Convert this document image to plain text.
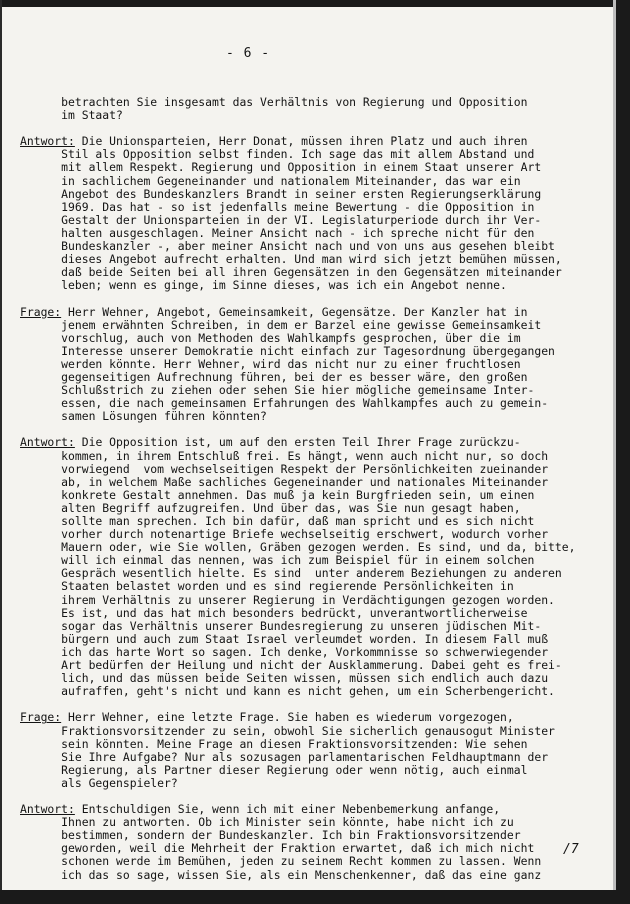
- 6 -
betrachten Sie insgesamt das Verhältnis von Regierung und Opposition
im Staat?
Antwort: Die Unionsparteien, Herr Donat, müssen ihren Platz und auch ihren
Stil als Opposition selbst finden. Ich sage das mit allem Abstand und
mit allem Respekt. Regierung und Opposition in einem Staat unserer Art
in sachlichem Gegeneinander und nationalem Miteinander, das war ein
Angebot des Bundeskanzlers Brandt in seiner ersten Regierungserklärung
1969. Das hat - so ist jedenfalls meine Bewertung - die Opposition in
Gestalt der Unionsparteien in der VI. Legislaturperiode durch ihr Ver-
halten ausgeschlagen. Meiner Ansicht nach - ich spreche nicht für den
Bundeskanzler -, aber meiner Ansicht nach und von uns aus gesehen bleibt
dieses Angebot aufrecht erhalten. Und man wird sich jetzt bemühen müssen,
daß beide Seiten bei all ihren Gegensätzen in den Gegensätzen miteinander
leben; wenn es ginge, im Sinne dieses, was ich ein Angebot nenne.
Frage: Herr Wehner, Angebot, Gemeinsamkeit, Gegensätze. Der Kanzler hat in
jenem erwähnten Schreiben, in dem er Barzel eine gewisse Gemeinsamkeit
vorschlug, auch von Methoden des Wahlkampfs gesprochen, über die im
Interesse unserer Demokratie nicht einfach zur Tagesordnung übergegangen
werden könnte. Herr Wehner, wird das nicht nur zu einer fruchtlosen
gegenseitigen Aufrechnung führen, bei der es besser wäre, den großen
Schlußstrich zu ziehen oder sehen Sie hier mögliche gemeinsame Inter-
essen, die nach gemeinsamen Erfahrungen des Wahlkampfes auch zu gemein-
samen Lösungen führen könnten?
Antwort: Die Opposition ist, um auf den ersten Teil Ihrer Frage zurückzu-
kommen, in ihrem Entschluß frei. Es hängt, wenn auch nicht nur, so doch
vorwiegend  vom wechselseitigen Respekt der Persönlichkeiten zueinander
ab, in welchem Maße sachliches Gegeneinander und nationales Miteinander
konkrete Gestalt annehmen. Das muß ja kein Burgfrieden sein, um einen
alten Begriff aufzugreifen. Und über das, was Sie nun gesagt haben,
sollte man sprechen. Ich bin dafür, daß man spricht und es sich nicht
vorher durch notenartige Briefe wechselseitig erschwert, wodurch vorher
Mauern oder, wie Sie wollen, Gräben gezogen werden. Es sind, und da, bitte,
will ich einmal das nennen, was ich zum Beispiel für in einem solchen
Gespräch wesentlich hielte. Es sind  unter anderem Beziehungen zu anderen
Staaten belastet worden und es sind regierende Persönlichkeiten in
ihrem Verhältnis zu unserer Regierung in Verdächtigungen gezogen worden.
Es ist, und das hat mich besonders bedrückt, unverantwortlicherweise
sogar das Verhältnis unserer Bundesregierung zu unseren jüdischen Mit-
bürgern und auch zum Staat Israel verleumdet worden. In diesem Fall muß
ich das harte Wort so sagen. Ich denke, Vorkommnisse so schwerwiegender
Art bedürfen der Heilung und nicht der Ausklammerung. Dabei geht es frei-
lich, und das müssen beide Seiten wissen, müssen sich endlich auch dazu
aufraffen, geht's nicht und kann es nicht gehen, um ein Scherbengericht.
Frage: Herr Wehner, eine letzte Frage. Sie haben es wiederum vorgezogen,
Fraktionsvorsitzender zu sein, obwohl Sie sicherlich genausogut Minister
sein könnten. Meine Frage an diesen Fraktionsvorsitzenden: Wie sehen
Sie Ihre Aufgabe? Nur als sozusagen parlamentarischen Feldhauptmann der
Regierung, als Partner dieser Regierung oder wenn nötig, auch einmal
als Gegenspieler?
Antwort: Entschuldigen Sie, wenn ich mit einer Nebenbemerkung anfange,
Ihnen zu antworten. Ob ich Minister sein könnte, habe nicht ich zu
bestimmen, sondern der Bundeskanzler. Ich bin Fraktionsvorsitzender
geworden, weil die Mehrheit der Fraktion erwartet, daß ich mich nicht
schonen werde im Bemühen, jeden zu seinem Recht kommen zu lassen. Wenn
ich das so sage, wissen Sie, als ein Menschenkenner, daß das eine ganz
/7
